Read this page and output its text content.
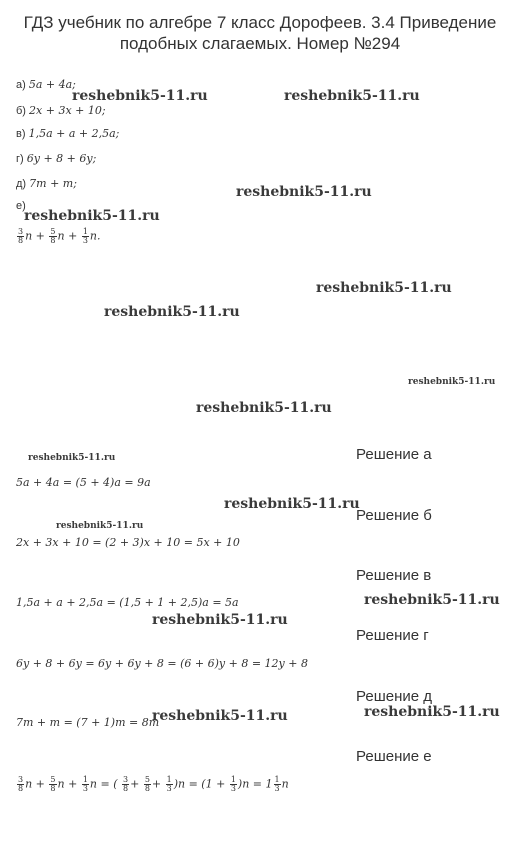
ГДЗ учебник по алгебре 7 класс Дорофеев. 3.4 Приведение
подобных слагаемых. Номер №294
а) 5a + 4a;
б) 2x + 3x + 10;
в) 1,5a + a + 2,5a;
г) 6y + 8 + 6y;
д) 7m + m;
е)
$\frac{3}{8}$ $n + \frac{5}{8}$ $n + \frac{1}{3} n$.
reshebnik5-11.ru	reshebnik5-11.ru
reshebnik5-11.ru
reshebnik5-11.ru
reshebnik5-11.ru
reshebnik5-11.ru
reshebnik5-11.ru
reshebnik5-11.ru
reshebnik5-11.ru
reshebnik5-11.ru
reshebnik5-11.ru
reshebnik5-11.ru
reshebnik5-11.ru
reshebnik5-11.ru	reshebnik5-11.ru
Решение а
5a + 4a = (5 + 4)a = 9a
Решение б
2x + 3x + 10 = (2 + 3)x + 10 = 5x + 10
Решение в
1,5a + a + 2,5a = (1,5 + 1 + 2,5)a = 5a
Решение г
6y + 8 + 6y = 6y + 6y + 8 = (6 + 6)y + 8 = 12y + 8
Решение д
7m + m = (7 + 1)m = 8m
Решение е
$\frac{3}{8}$ $n + \frac{5}{8}$ $n + \frac{1}{3}$ n = ( $\frac{3}{8} + \frac{5}{8} + \frac{1}{3} )n = (1 + \frac{1}{3} )n = 1 \frac{1}{3}$ n
